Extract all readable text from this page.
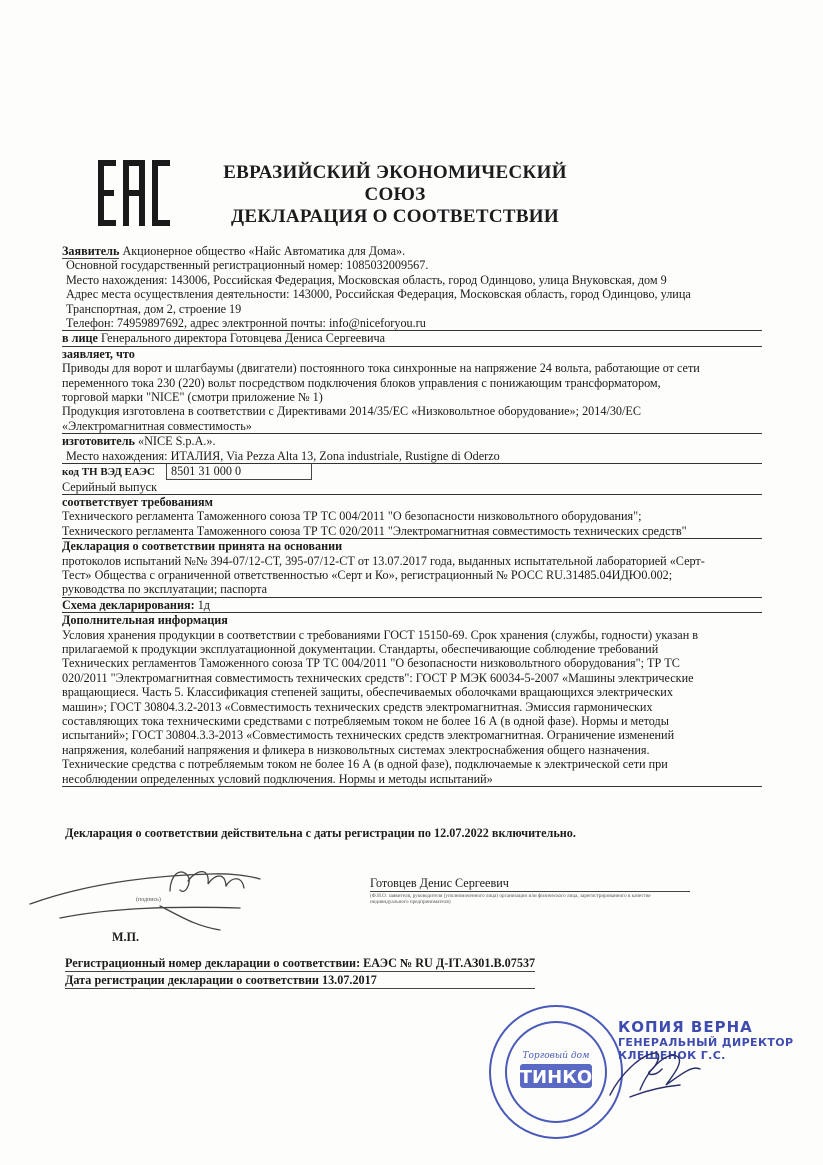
ЕВРАЗИЙСКИЙ ЭКОНОМИЧЕСКИЙ
СОЮЗ
ДЕКЛАРАЦИЯ О СООТВЕТСТВИИ
Заявитель Акционерное общество «Найс Автоматика для Дома».
Основной государственный регистрационный номер: 1085032009567.
Место нахождения: 143006, Российская Федерация, Московская область, город Одинцово, улица Внуковская, дом 9
Адрес места осуществления деятельности: 143000, Российская Федерация, Московская область, город Одинцово, улица
Транспортная, дом 2, строение 19
Телефон: 74959897692, адрес электронной почты: info@niceforyou.ru
в лице Генерального директора Готовцева Дениса Сергеевича
заявляет, что
Приводы для ворот и шлагбаумы (двигатели) постоянного тока синхронные на напряжение 24 вольта, работающие от сети
переменного тока 230 (220) вольт посредством подключения блоков управления с понижающим трансформатором,
торговой марки "NICE" (смотри приложение № 1)
Продукция изготовлена в соответствии с Директивами 2014/35/EC «Низковольтное оборудование»; 2014/30/EC
«Электромагнитная совместимость»
изготовитель «NICE S.p.A.».
Место нахождения: ИТАЛИЯ, Via Pezza Alta 13, Zona industriale, Rustigne di Oderzo
код ТН ВЭД ЕАЭС 8501 31 000 0
Серийный выпуск
соответствует требованиям
Технического регламента Таможенного союза ТР ТС 004/2011 "О безопасности низковольтного оборудования";
Технического регламента Таможенного союза ТР ТС 020/2011 "Электромагнитная совместимость технических средств"
Декларация о соответствии принята на основании
протоколов испытаний №№ 394-07/12-СТ, 395-07/12-СТ от 13.07.2017 года, выданных испытательной лабораторией «Серт-
Тест» Общества с ограниченной ответственностью «Серт и Ко», регистрационный № РОСС RU.31485.04ИДЮ0.002;
руководства по эксплуатации; паспорта
Схема декларирования: 1д
Дополнительная информация
Условия хранения продукции в соответствии с требованиями ГОСТ 15150-69. Срок хранения (службы, годности) указан в
прилагаемой к продукции эксплуатационной документации. Стандарты, обеспечивающие соблюдение требований
Технических регламентов Таможенного союза ТР ТС 004/2011 "О безопасности низковольтного оборудования"; ТР ТС
020/2011 "Электромагнитная совместимость технических средств": ГОСТ Р МЭК 60034-5-2007 «Машины электрические
вращающиеся. Часть 5. Классификация степеней защиты, обеспечиваемых оболочками вращающихся электрических
машин»; ГОСТ 30804.3.2-2013 «Совместимость технических средств электромагнитная. Эмиссия гармонических
составляющих тока техническими средствами с потребляемым током не более 16 А (в одной фазе). Нормы и методы
испытаний»; ГОСТ 30804.3.3-2013 «Совместимость технических средств электромагнитная. Ограничение изменений
напряжения, колебаний напряжения и фликера в низковольтных системах электроснабжения общего назначения.
Технические средства с потребляемым током не более 16 А (в одной фазе), подключаемые к электрической сети при
несоблюдении определенных условий подключения. Нормы и методы испытаний»
Декларация о соответствии действительна с даты регистрации по 12.07.2022 включительно.
(подпись)
Готовцев Денис Сергеевич
(Ф.И.О. заявителя, руководителя (уполномоченного лица) организации или физического лица, зарегистрированного в качестве индивидуального предпринимателя)
М.П.
Регистрационный номер декларации о соответствии: ЕАЭС № RU Д-IT.АЗ01.В.07537
Дата регистрации декларации о соответствии 13.07.2017
Торговый дом
ТИНКО
КОПИЯ ВЕРНА
ГЕНЕРАЛЬНЫЙ ДИРЕКТОР
КЛЕЩЕНОК Г.С.
